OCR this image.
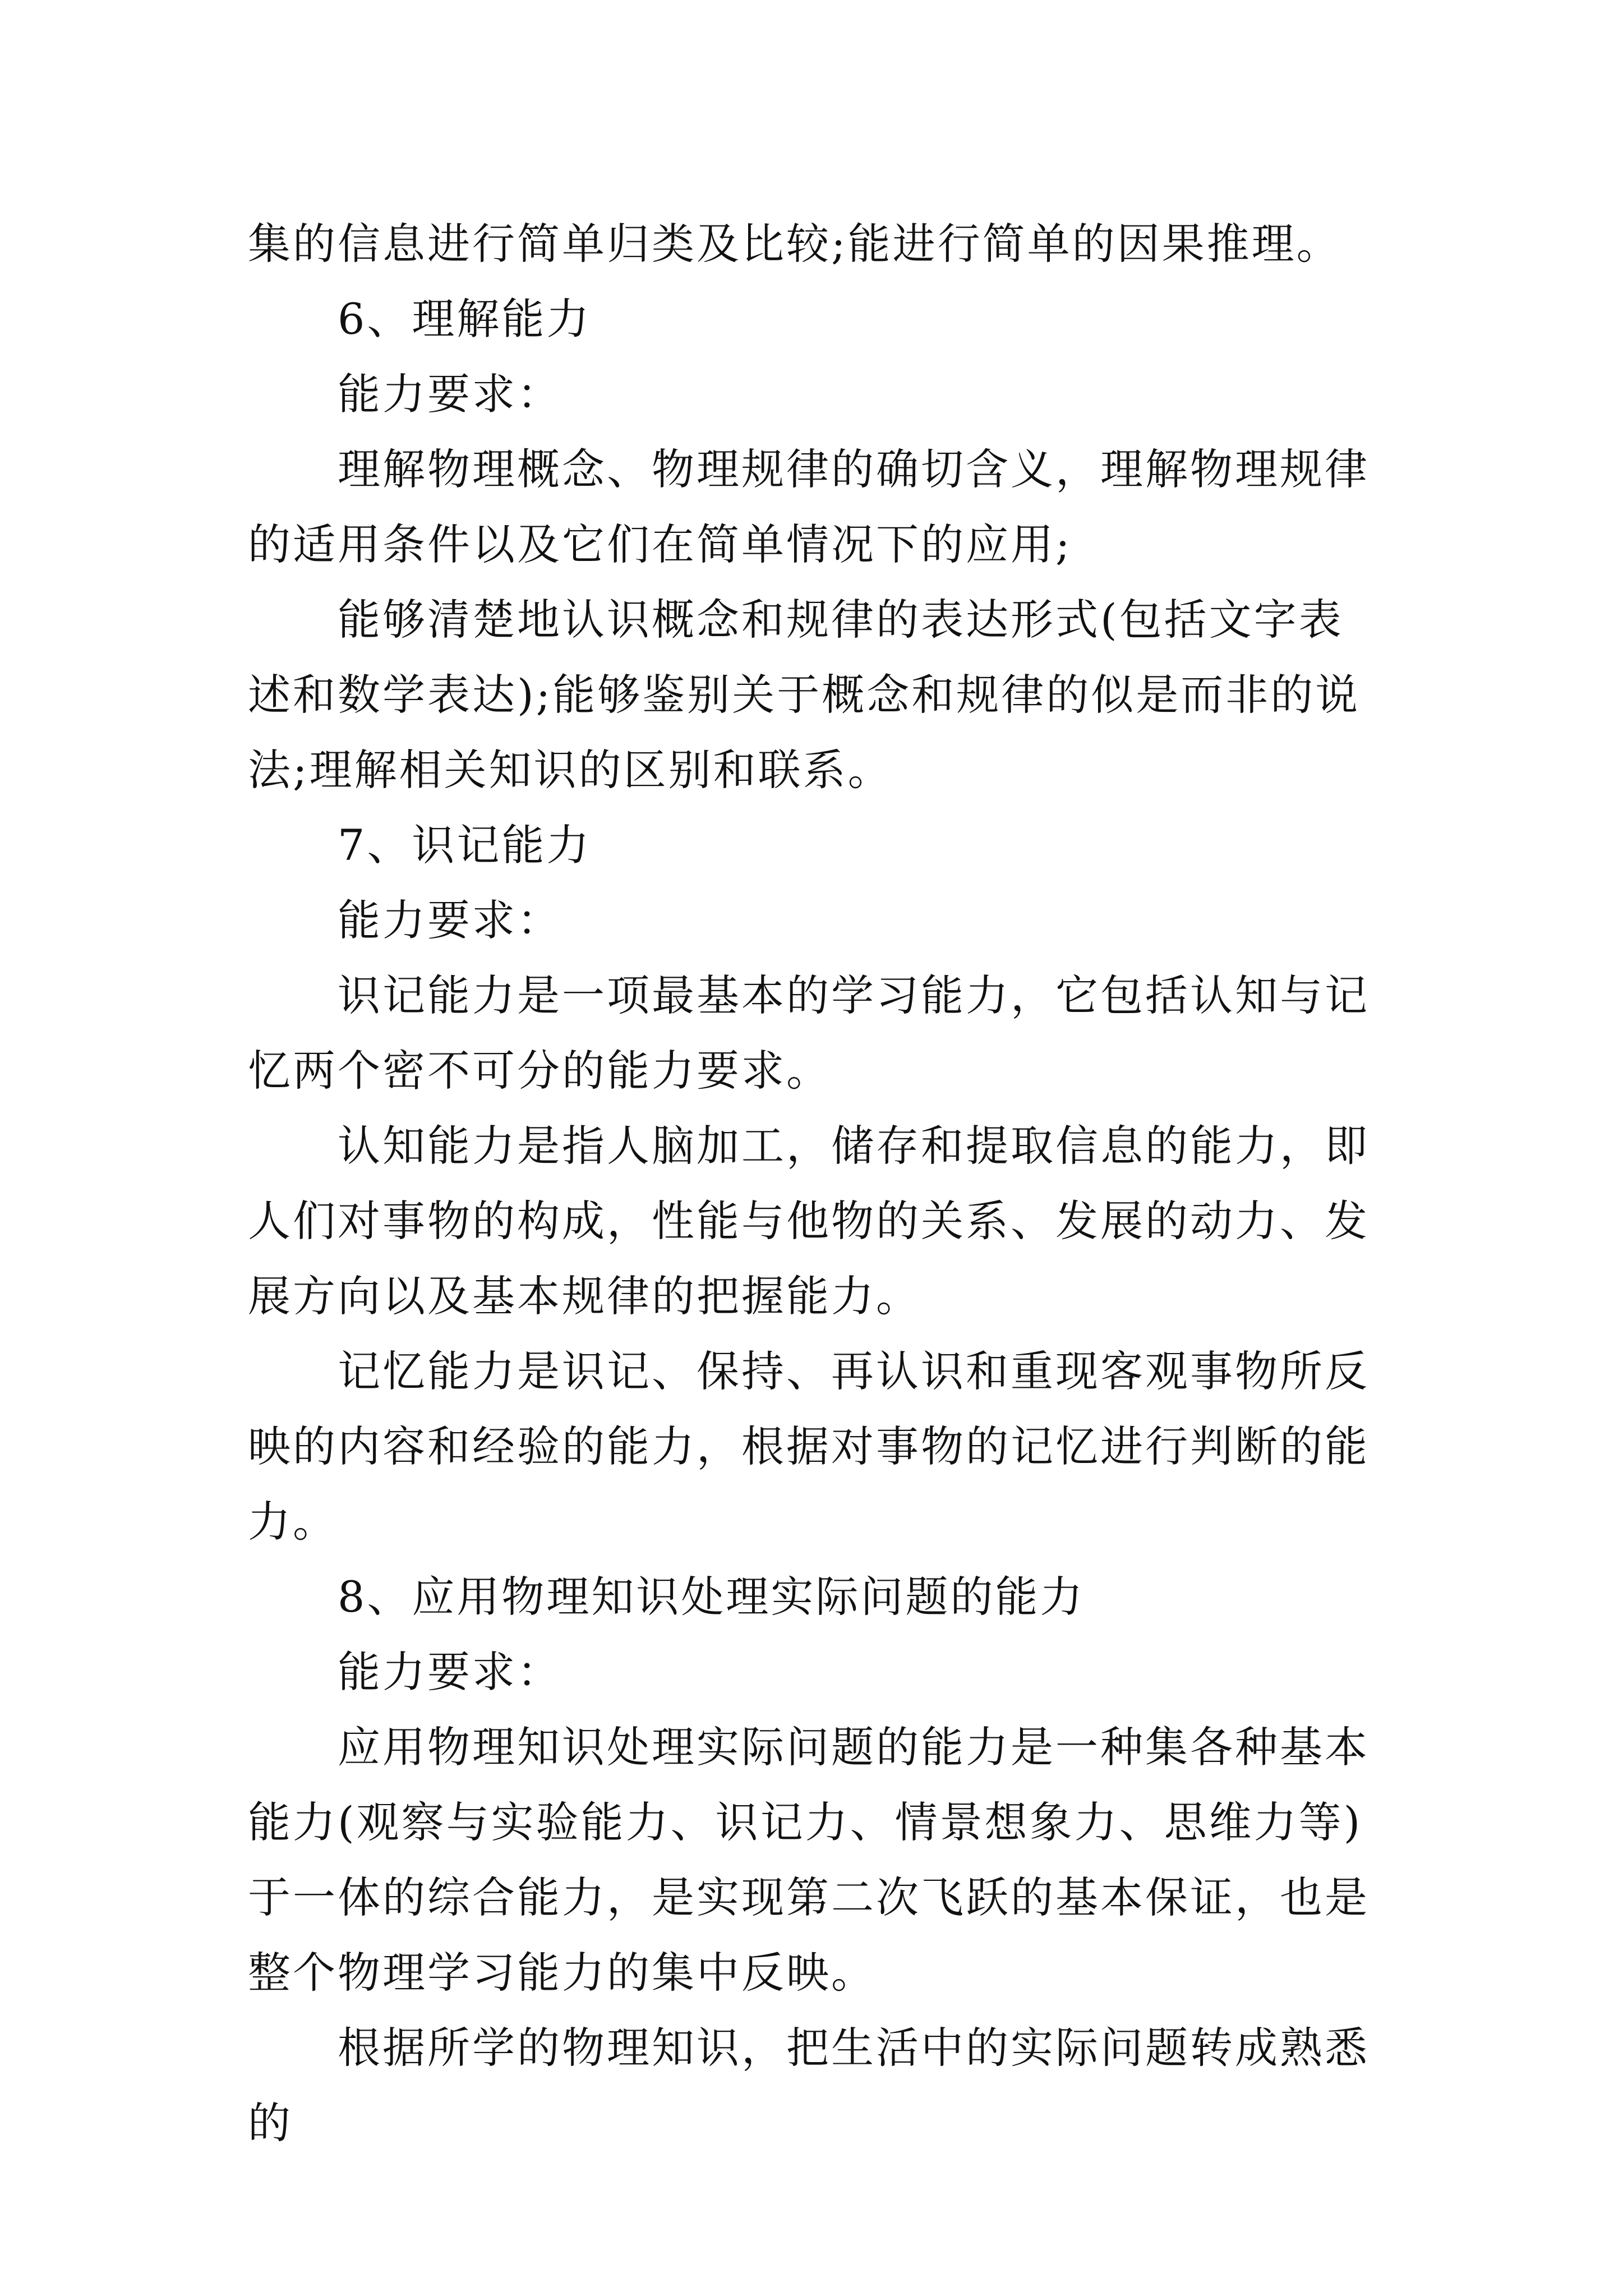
集的信息进行简单归类及比较;能进行简单的因果推理。

6、理解能力

能力要求：

理解物理概念、物理规律的确切含义，理解物理规律的适用条件以及它们在简单情况下的应用;

能够清楚地认识概念和规律的表达形式(包括文字表述和数学表达);能够鉴别关于概念和规律的似是而非的说法;理解相关知识的区别和联系。

7、识记能力

能力要求：

识记能力是一项最基本的学习能力，它包括认知与记忆两个密不可分的能力要求。

认知能力是指人脑加工，储存和提取信息的能力，即人们对事物的构成，性能与他物的关系、发展的动力、发展方向以及基本规律的把握能力。

记忆能力是识记、保持、再认识和重现客观事物所反映的内容和经验的能力，根据对事物的记忆进行判断的能力。

8、应用物理知识处理实际问题的能力

能力要求：

应用物理知识处理实际问题的能力是一种集各种基本能力(观察与实验能力、识记力、情景想象力、思维力等)于一体的综合能力，是实现第二次飞跃的基本保证，也是整个物理学习能力的集中反映。

根据所学的物理知识，把生活中的实际问题转成熟悉的
